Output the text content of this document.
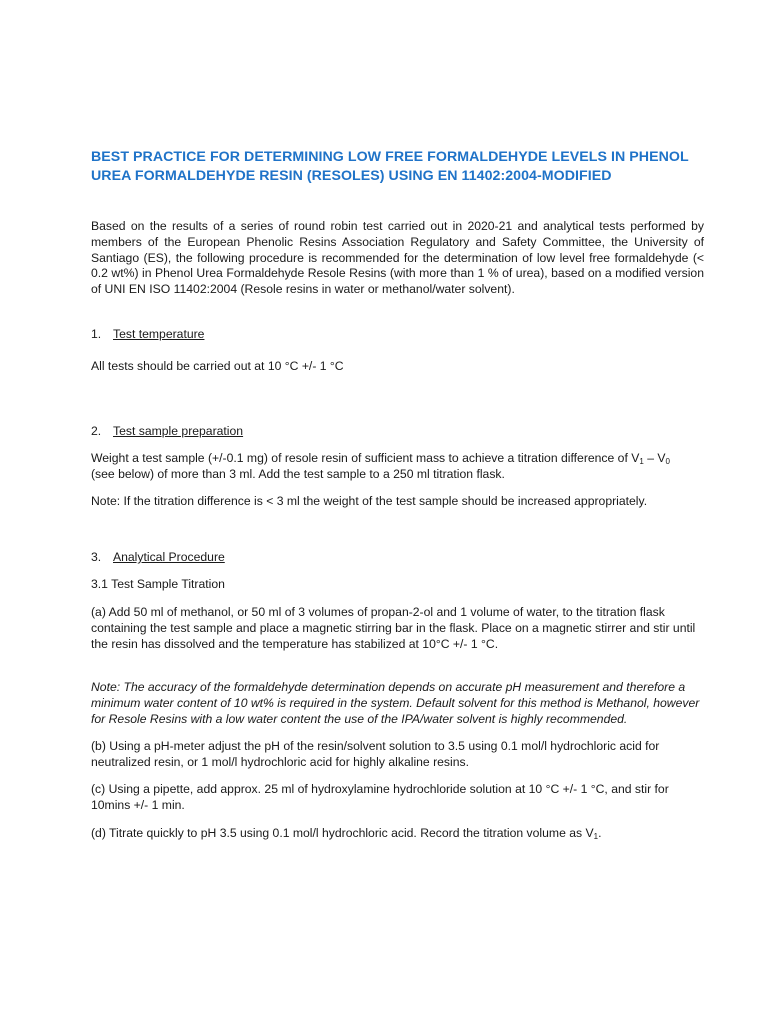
BEST PRACTICE FOR DETERMINING LOW FREE FORMALDEHYDE LEVELS IN PHENOL UREA FORMALDEHYDE RESIN (RESOLES) USING EN 11402:2004-MODIFIED

Based on the results of a series of round robin test carried out in 2020-21 and analytical tests performed by members of the European Phenolic Resins Association Regulatory and Safety Committee, the University of Santiago (ES), the following procedure is recommended for the determination of low level free formaldehyde (< 0.2 wt%) in Phenol Urea Formaldehyde Resole Resins (with more than 1 % of urea), based on a modified version of UNI EN ISO 11402:2004 (Resole resins in water or methanol/water solvent).

1. Test temperature

All tests should be carried out at 10 °C +/- 1 °C

2. Test sample preparation

Weight a test sample (+/-0.1 mg) of resole resin of sufficient mass to achieve a titration difference of $V_1 - V_0$ (see below) of more than 3 ml. Add the test sample to a 250 ml titration flask.

Note: If the titration difference is < 3 ml the weight of the test sample should be increased appropriately.

3. Analytical Procedure

3.1 Test Sample Titration

(a) Add 50 ml of methanol, or 50 ml of 3 volumes of propan-2-ol and 1 volume of water, to the titration flask containing the test sample and place a magnetic stirring bar in the flask. Place on a magnetic stirrer and stir until the resin has dissolved and the temperature has stabilized at 10°C +/- 1 °C.

Note: The accuracy of the formaldehyde determination depends on accurate pH measurement and therefore a minimum water content of 10 wt% is required in the system. Default solvent for this method is Methanol, however for Resole Resins with a low water content the use of the IPA/water solvent is highly recommended.

(b) Using a pH-meter adjust the pH of the resin/solvent solution to 3.5 using 0.1 mol/l hydrochloric acid for neutralized resin, or 1 mol/l hydrochloric acid for highly alkaline resins.

(c) Using a pipette, add approx. 25 ml of hydroxylamine hydrochloride solution at 10 °C +/- 1 °C, and stir for 10mins +/- 1 min.

(d) Titrate quickly to pH 3.5 using 0.1 mol/l hydrochloric acid. Record the titration volume as $V_1$.
